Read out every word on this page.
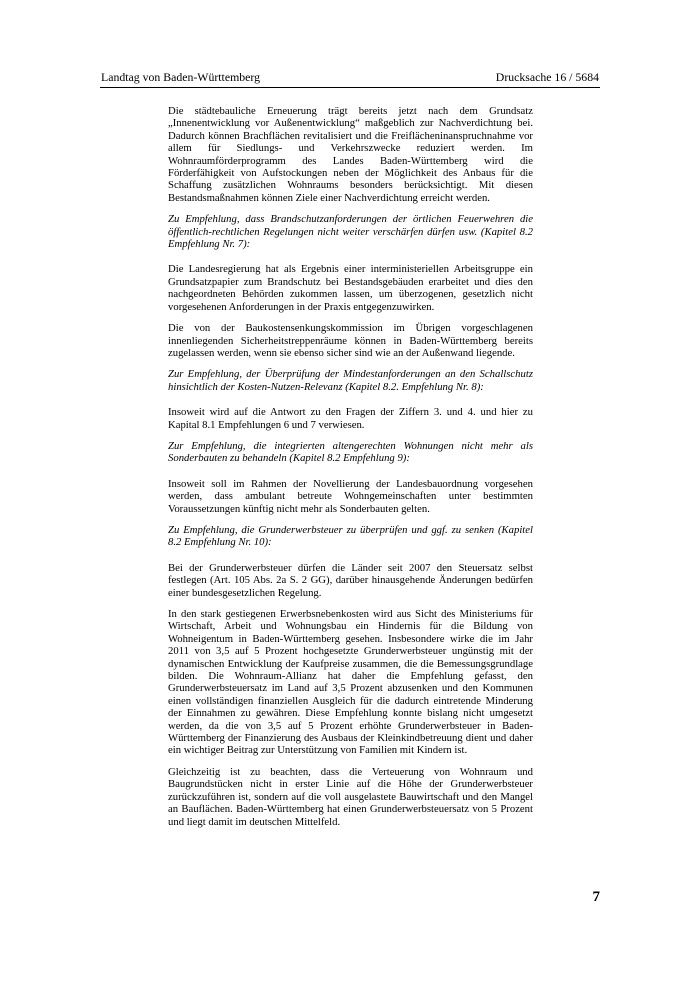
Landtag von Baden-Württemberg	Drucksache 16 / 5684

Die städtebauliche Erneuerung trägt bereits jetzt nach dem Grundsatz „Innenentwicklung vor Außenentwicklung“ maßgeblich zur Nachverdichtung bei. Dadurch können Brachflächen revitalisiert und die Freiflächeninanspruchnahme vor allem für Siedlungs- und Verkehrszwecke reduziert werden. Im Wohnraumförderprogramm des Landes Baden-Württemberg wird die Förderfähigkeit von Aufstockungen neben der Möglichkeit des Anbaus für die Schaffung zusätzlichen Wohnraums besonders berücksichtigt. Mit diesen Bestandsmaßnahmen können Ziele einer Nachverdichtung erreicht werden.

Zu Empfehlung, dass Brandschutzanforderungen der örtlichen Feuerwehren die öffentlich-rechtlichen Regelungen nicht weiter verschärfen dürfen usw. (Kapitel 8.2 Empfehlung Nr. 7):

Die Landesregierung hat als Ergebnis einer interministeriellen Arbeitsgruppe ein Grundsatzpapier zum Brandschutz bei Bestandsgebäuden erarbeitet und dies den nachgeordneten Behörden zukommen lassen, um überzogenen, gesetzlich nicht vorgesehenen Anforderungen in der Praxis entgegenzuwirken.

Die von der Baukostensenkungskommission im Übrigen vorgeschlagenen innenliegenden Sicherheitstreppenräume können in Baden-Württemberg bereits zugelassen werden, wenn sie ebenso sicher sind wie an der Außenwand liegende.

Zur Empfehlung, der Überprüfung der Mindestanforderungen an den Schallschutz hinsichtlich der Kosten-Nutzen-Relevanz (Kapitel 8.2. Empfehlung Nr. 8):

Insoweit wird auf die Antwort zu den Fragen der Ziffern 3. und 4. und hier zu Kapital 8.1 Empfehlungen 6 und 7 verwiesen.

Zur Empfehlung, die integrierten altengerechten Wohnungen nicht mehr als Sonderbauten zu behandeln (Kapitel 8.2 Empfehlung 9):

Insoweit soll im Rahmen der Novellierung der Landesbauordnung vorgesehen werden, dass ambulant betreute Wohngemeinschaften unter bestimmten Voraussetzungen künftig nicht mehr als Sonderbauten gelten.

Zu Empfehlung, die Grunderwerbsteuer zu überprüfen und ggf. zu senken (Kapitel 8.2 Empfehlung Nr. 10):

Bei der Grunderwerbsteuer dürfen die Länder seit 2007 den Steuersatz selbst festlegen (Art. 105 Abs. 2a S. 2 GG), darüber hinausgehende Änderungen bedürfen einer bundesgesetzlichen Regelung.

In den stark gestiegenen Erwerbsnebenkosten wird aus Sicht des Ministeriums für Wirtschaft, Arbeit und Wohnungsbau ein Hindernis für die Bildung von Wohneigentum in Baden-Württemberg gesehen. Insbesondere wirke die im Jahr 2011 von 3,5 auf 5 Prozent hochgesetzte Grunderwerbsteuer ungünstig mit der dynamischen Entwicklung der Kaufpreise zusammen, die die Bemessungsgrundlage bilden. Die Wohnraum-Allianz hat daher die Empfehlung gefasst, den Grunderwerbsteuersatz im Land auf 3,5 Prozent abzusenken und den Kommunen einen vollständigen finanziellen Ausgleich für die dadurch eintretende Minderung der Einnahmen zu gewähren. Diese Empfehlung konnte bislang nicht umgesetzt werden, da die von 3,5 auf 5 Prozent erhöhte Grunderwerbsteuer in Baden-Württemberg der Finanzierung des Ausbaus der Kleinkindbetreuung dient und daher ein wichtiger Beitrag zur Unterstützung von Familien mit Kindern ist.

Gleichzeitig ist zu beachten, dass die Verteuerung von Wohnraum und Baugrundstücken nicht in erster Linie auf die Höhe der Grunderwerbsteuer zurückzuführen ist, sondern auf die voll ausgelastete Bauwirtschaft und den Mangel an Bauflächen. Baden-Württemberg hat einen Grunderwerbsteuersatz von 5 Prozent und liegt damit im deutschen Mittelfeld.

7
